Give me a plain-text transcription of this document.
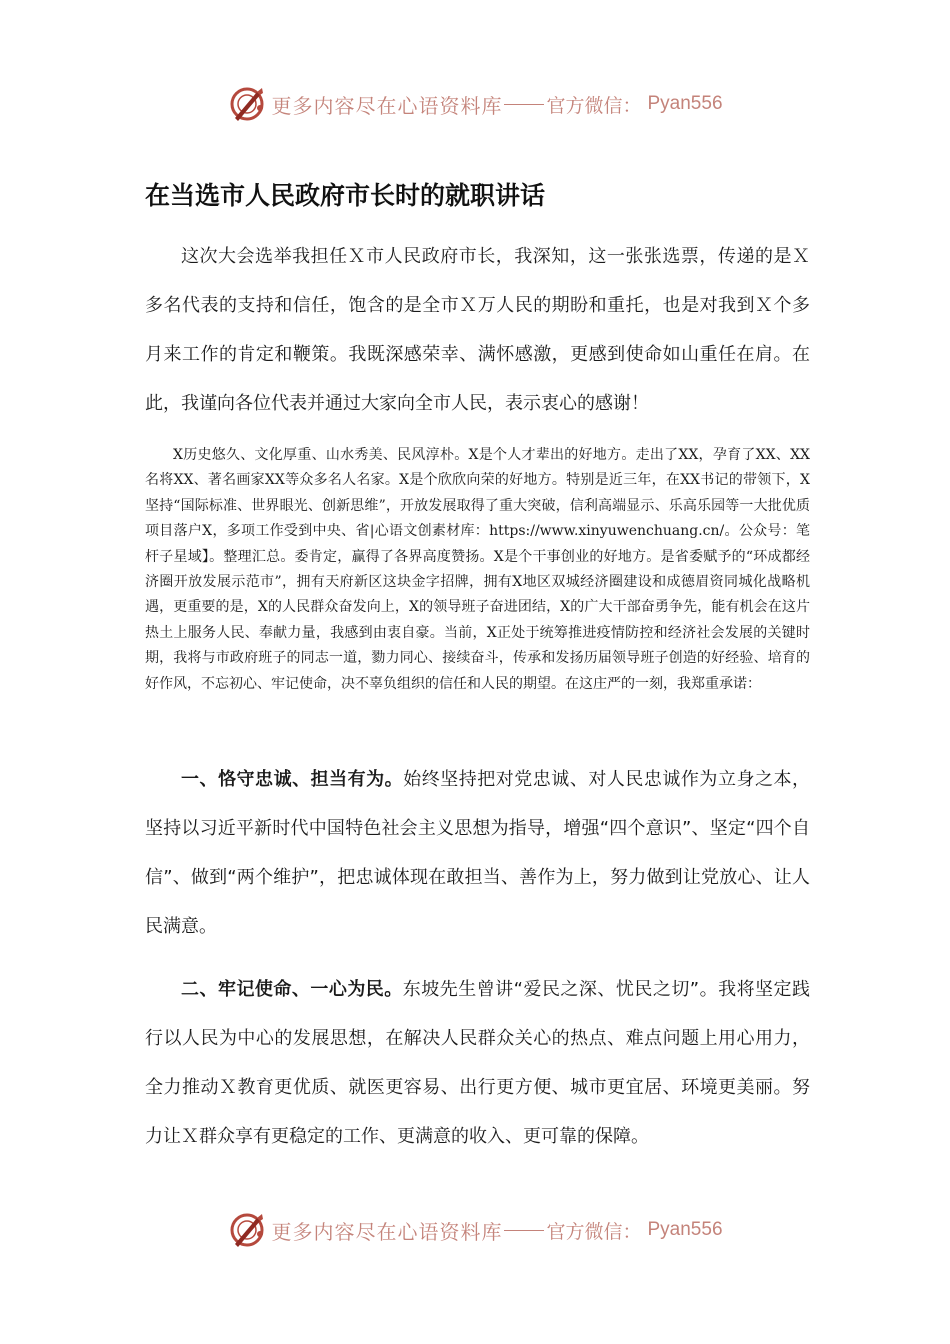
更多内容尽在心语资料库 官方微信： Pyan556
在当选市人民政府市长时的就职讲话

这次大会选举我担任Ｘ市人民政府市长，我深知，这一张张选票，传递的是Ｘ多名代表的支持和信任，饱含的是全市Ｘ万人民的期盼和重托，也是对我到Ｘ个多月来工作的肯定和鞭策。我既深感荣幸、满怀感激，更感到使命如山重任在肩。在此，我谨向各位代表并通过大家向全市人民，表示衷心的感谢！

X历史悠久、文化厚重、山水秀美、民风淳朴。X是个人才辈出的好地方。走出了XX，孕育了XX、XX名将XX、著名画家XX等众多名人名家。X是个欣欣向荣的好地方。特别是近三年，在XX书记的带领下，X坚持“国际标准、世界眼光、创新思维”，开放发展取得了重大突破，信利高端显示、乐高乐园等一大批优质项目落户X，多项工作受到中央、省|心语文创素材库：https://www.xinyuwenchuang.cn/。公众号：笔杆子星域】。整理汇总。委肯定，赢得了各界高度赞扬。X是个干事创业的好地方。是省委赋予的“环成都经济圈开放发展示范市”，拥有天府新区这块金字招牌，拥有X地区双城经济圈建设和成德眉资同城化战略机遇，更重要的是，X的人民群众奋发向上，X的领导班子奋进团结，X的广大干部奋勇争先，能有机会在这片热土上服务人民、奉献力量，我感到由衷自豪。当前，X正处于统筹推进疫情防控和经济社会发展的关键时期，我将与市政府班子的同志一道，勠力同心、接续奋斗，传承和发扬历届领导班子创造的好经验、培育的好作风，不忘初心、牢记使命，决不辜负组织的信任和人民的期望。在这庄严的一刻，我郑重承诺：

一、恪守忠诚、担当有为。始终坚持把对党忠诚、对人民忠诚作为立身之本，坚持以习近平新时代中国特色社会主义思想为指导，增强“四个意识”、坚定“四个自信”、做到“两个维护”，把忠诚体现在敢担当、善作为上，努力做到让党放心、让人民满意。

二、牢记使命、一心为民。东坡先生曾讲“爱民之深、忧民之切”。我将坚定践行以人民为中心的发展思想，在解决人民群众关心的热点、难点问题上用心用力，全力推动Ｘ教育更优质、就医更容易、出行更方便、城市更宜居、环境更美丽。努力让Ｘ群众享有更稳定的工作、更满意的收入、更可靠的保障。

更多内容尽在心语资料库 官方微信： Pyan556
